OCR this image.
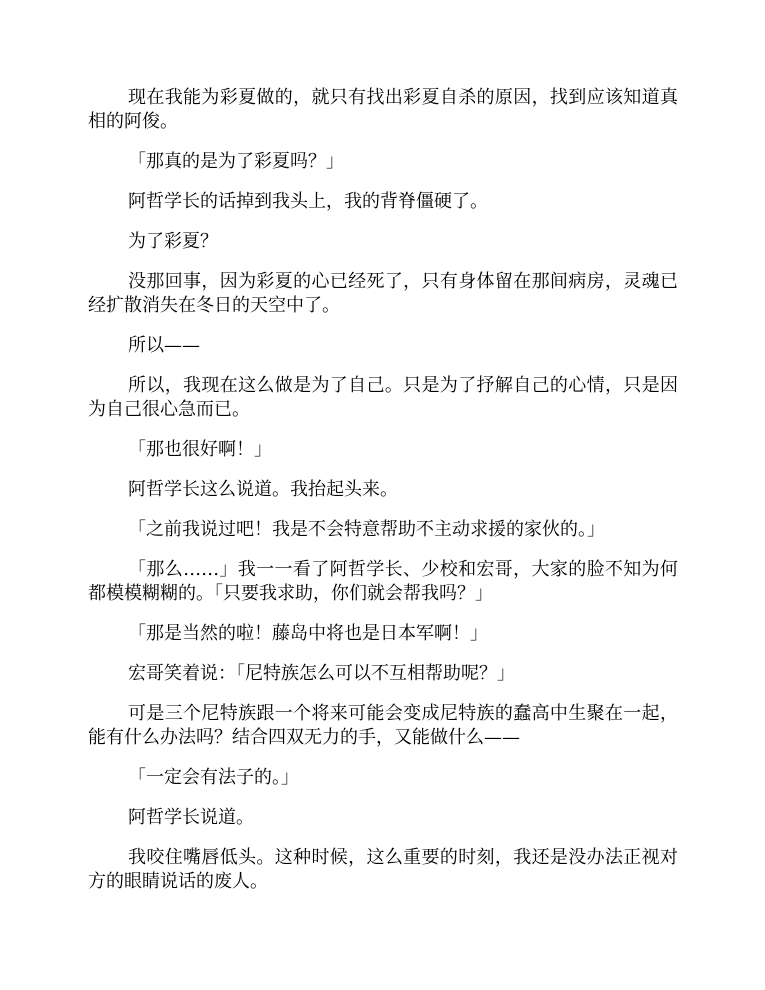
现在我能为彩夏做的，就只有找出彩夏自杀的原因，找到应该知道真相的阿俊。

「那真的是为了彩夏吗？」

阿哲学长的话掉到我头上，我的背脊僵硬了。

为了彩夏？

没那回事，因为彩夏的心已经死了，只有身体留在那间病房，灵魂已经扩散消失在冬日的天空中了。

所以——

所以，我现在这么做是为了自己。只是为了抒解自己的心情，只是因为自己很心急而已。

「那也很好啊！」

阿哲学长这么说道。我抬起头来。

「之前我说过吧！我是不会特意帮助不主动求援的家伙的。」

「那么……」我一一看了阿哲学长、少校和宏哥，大家的脸不知为何都模模糊糊的。「只要我求助，你们就会帮我吗？」

「那是当然的啦！藤岛中将也是日本军啊！」

宏哥笑着说：「尼特族怎么可以不互相帮助呢？」

可是三个尼特族跟一个将来可能会变成尼特族的蠢高中生聚在一起，能有什么办法吗？结合四双无力的手，又能做什么——

「一定会有法子的。」

阿哲学长说道。

我咬住嘴唇低头。这种时候，这么重要的时刻，我还是没办法正视对方的眼睛说话的废人。
